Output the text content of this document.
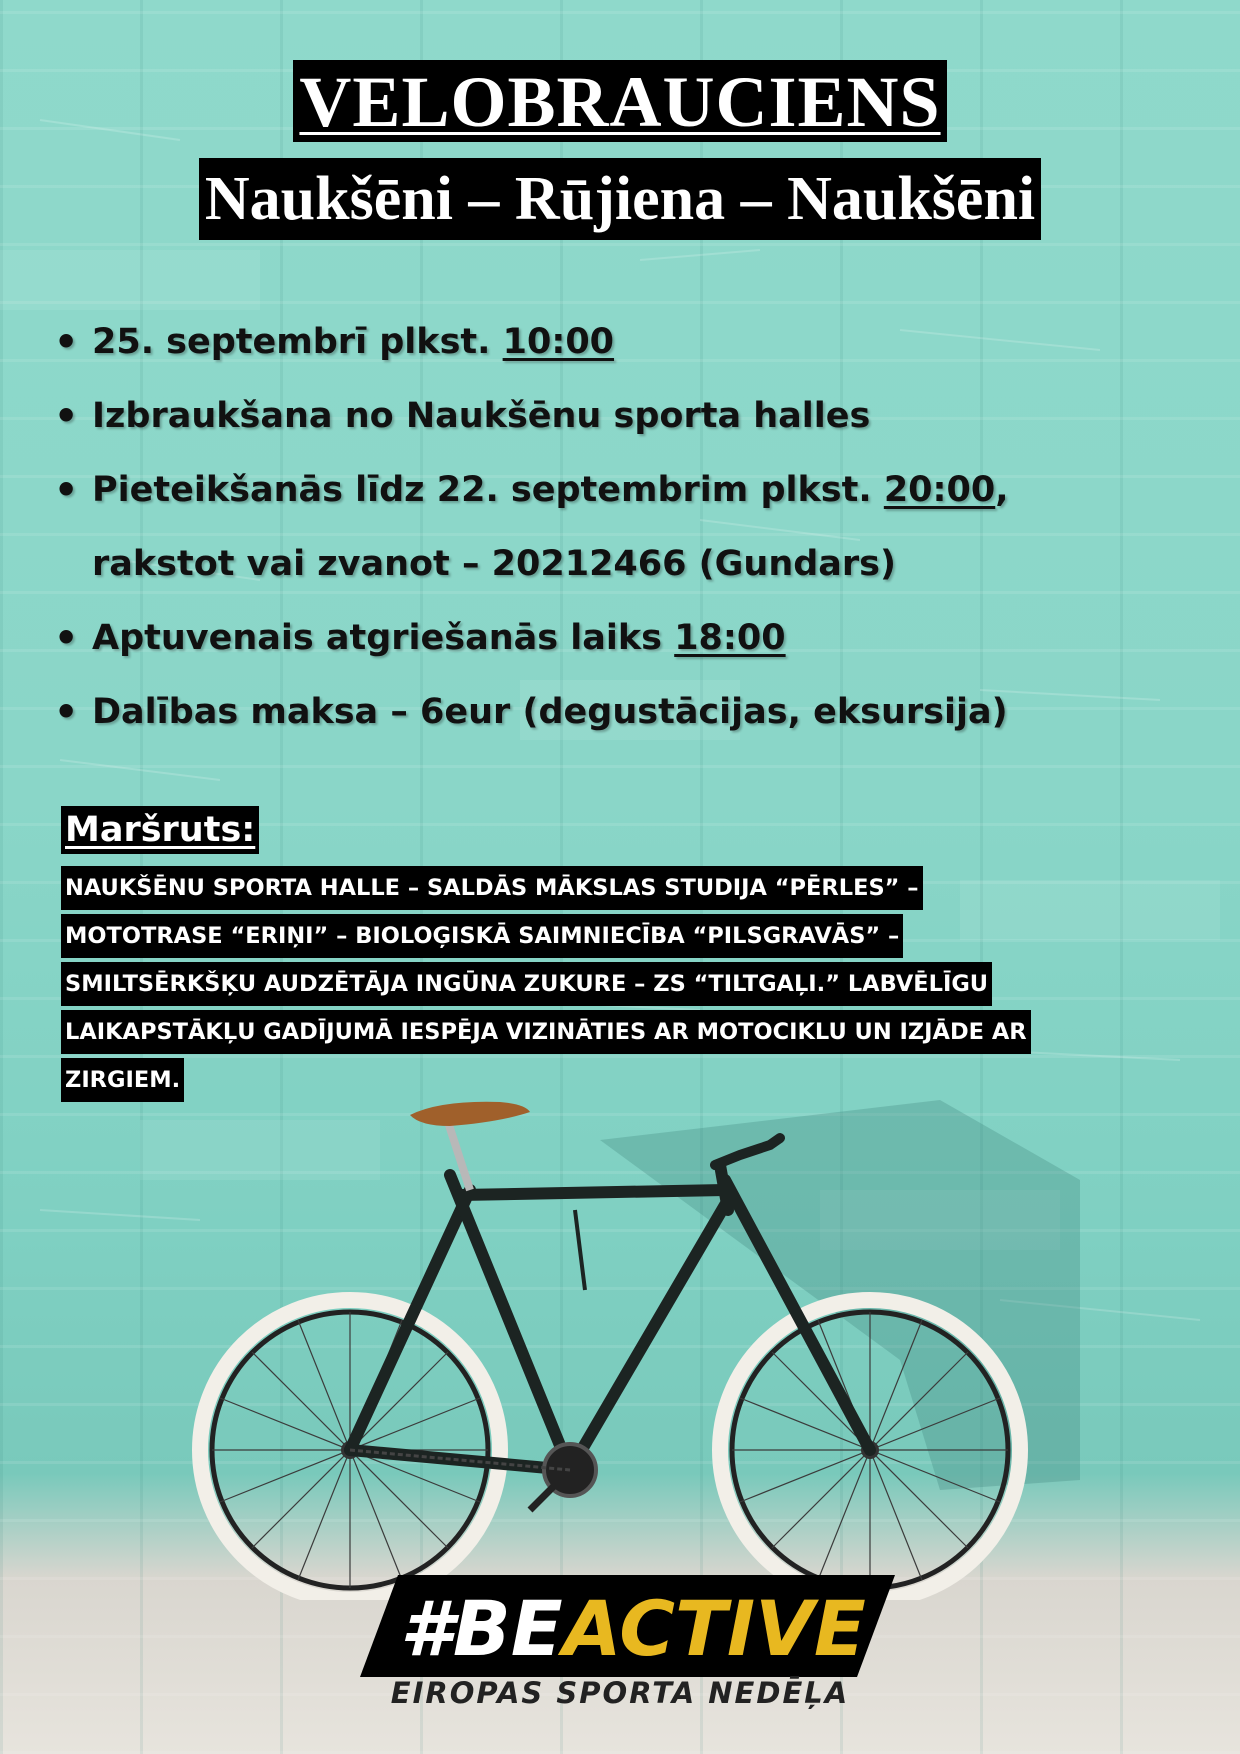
VELOBRAUCIENS
Naukšēni – Rūjiena – Naukšēni
• 25. septembrī plkst. 10:00
• Izbraukšana no Naukšēnu sporta halles
• Pieteikšanās līdz 22. septembrim plkst. 20:00,
rakstot vai zvanot – 20212466 (Gundars)
• Aptuvenais atgriešanās laiks 18:00
• Dalības maksa – 6eur (degustācijas, eksursija)
Maršruts:
NAUKŠĒNU SPORTA HALLE – SALDĀS MĀKSLAS STUDIJA “PĒRLES” –
MOTOTRASE “ERIŅI” – BIOLOĢISKĀ SAIMNIECĪBA “PILSGRAVĀS” –
SMILTSĒRKŠĶU AUDZĒTĀJA INGŪNA ZUKURE – ZS “TILTGAĻI.” LABVĒLĪGU
LAIKAPSTĀKĻU GADĪJUMĀ IESPĒJA VIZINĀTIES AR MOTOCIKLU UN IZJĀDE AR
ZIRGIEM.
#BEACTIVE
EIROPAS SPORTA NEDĒĻA
